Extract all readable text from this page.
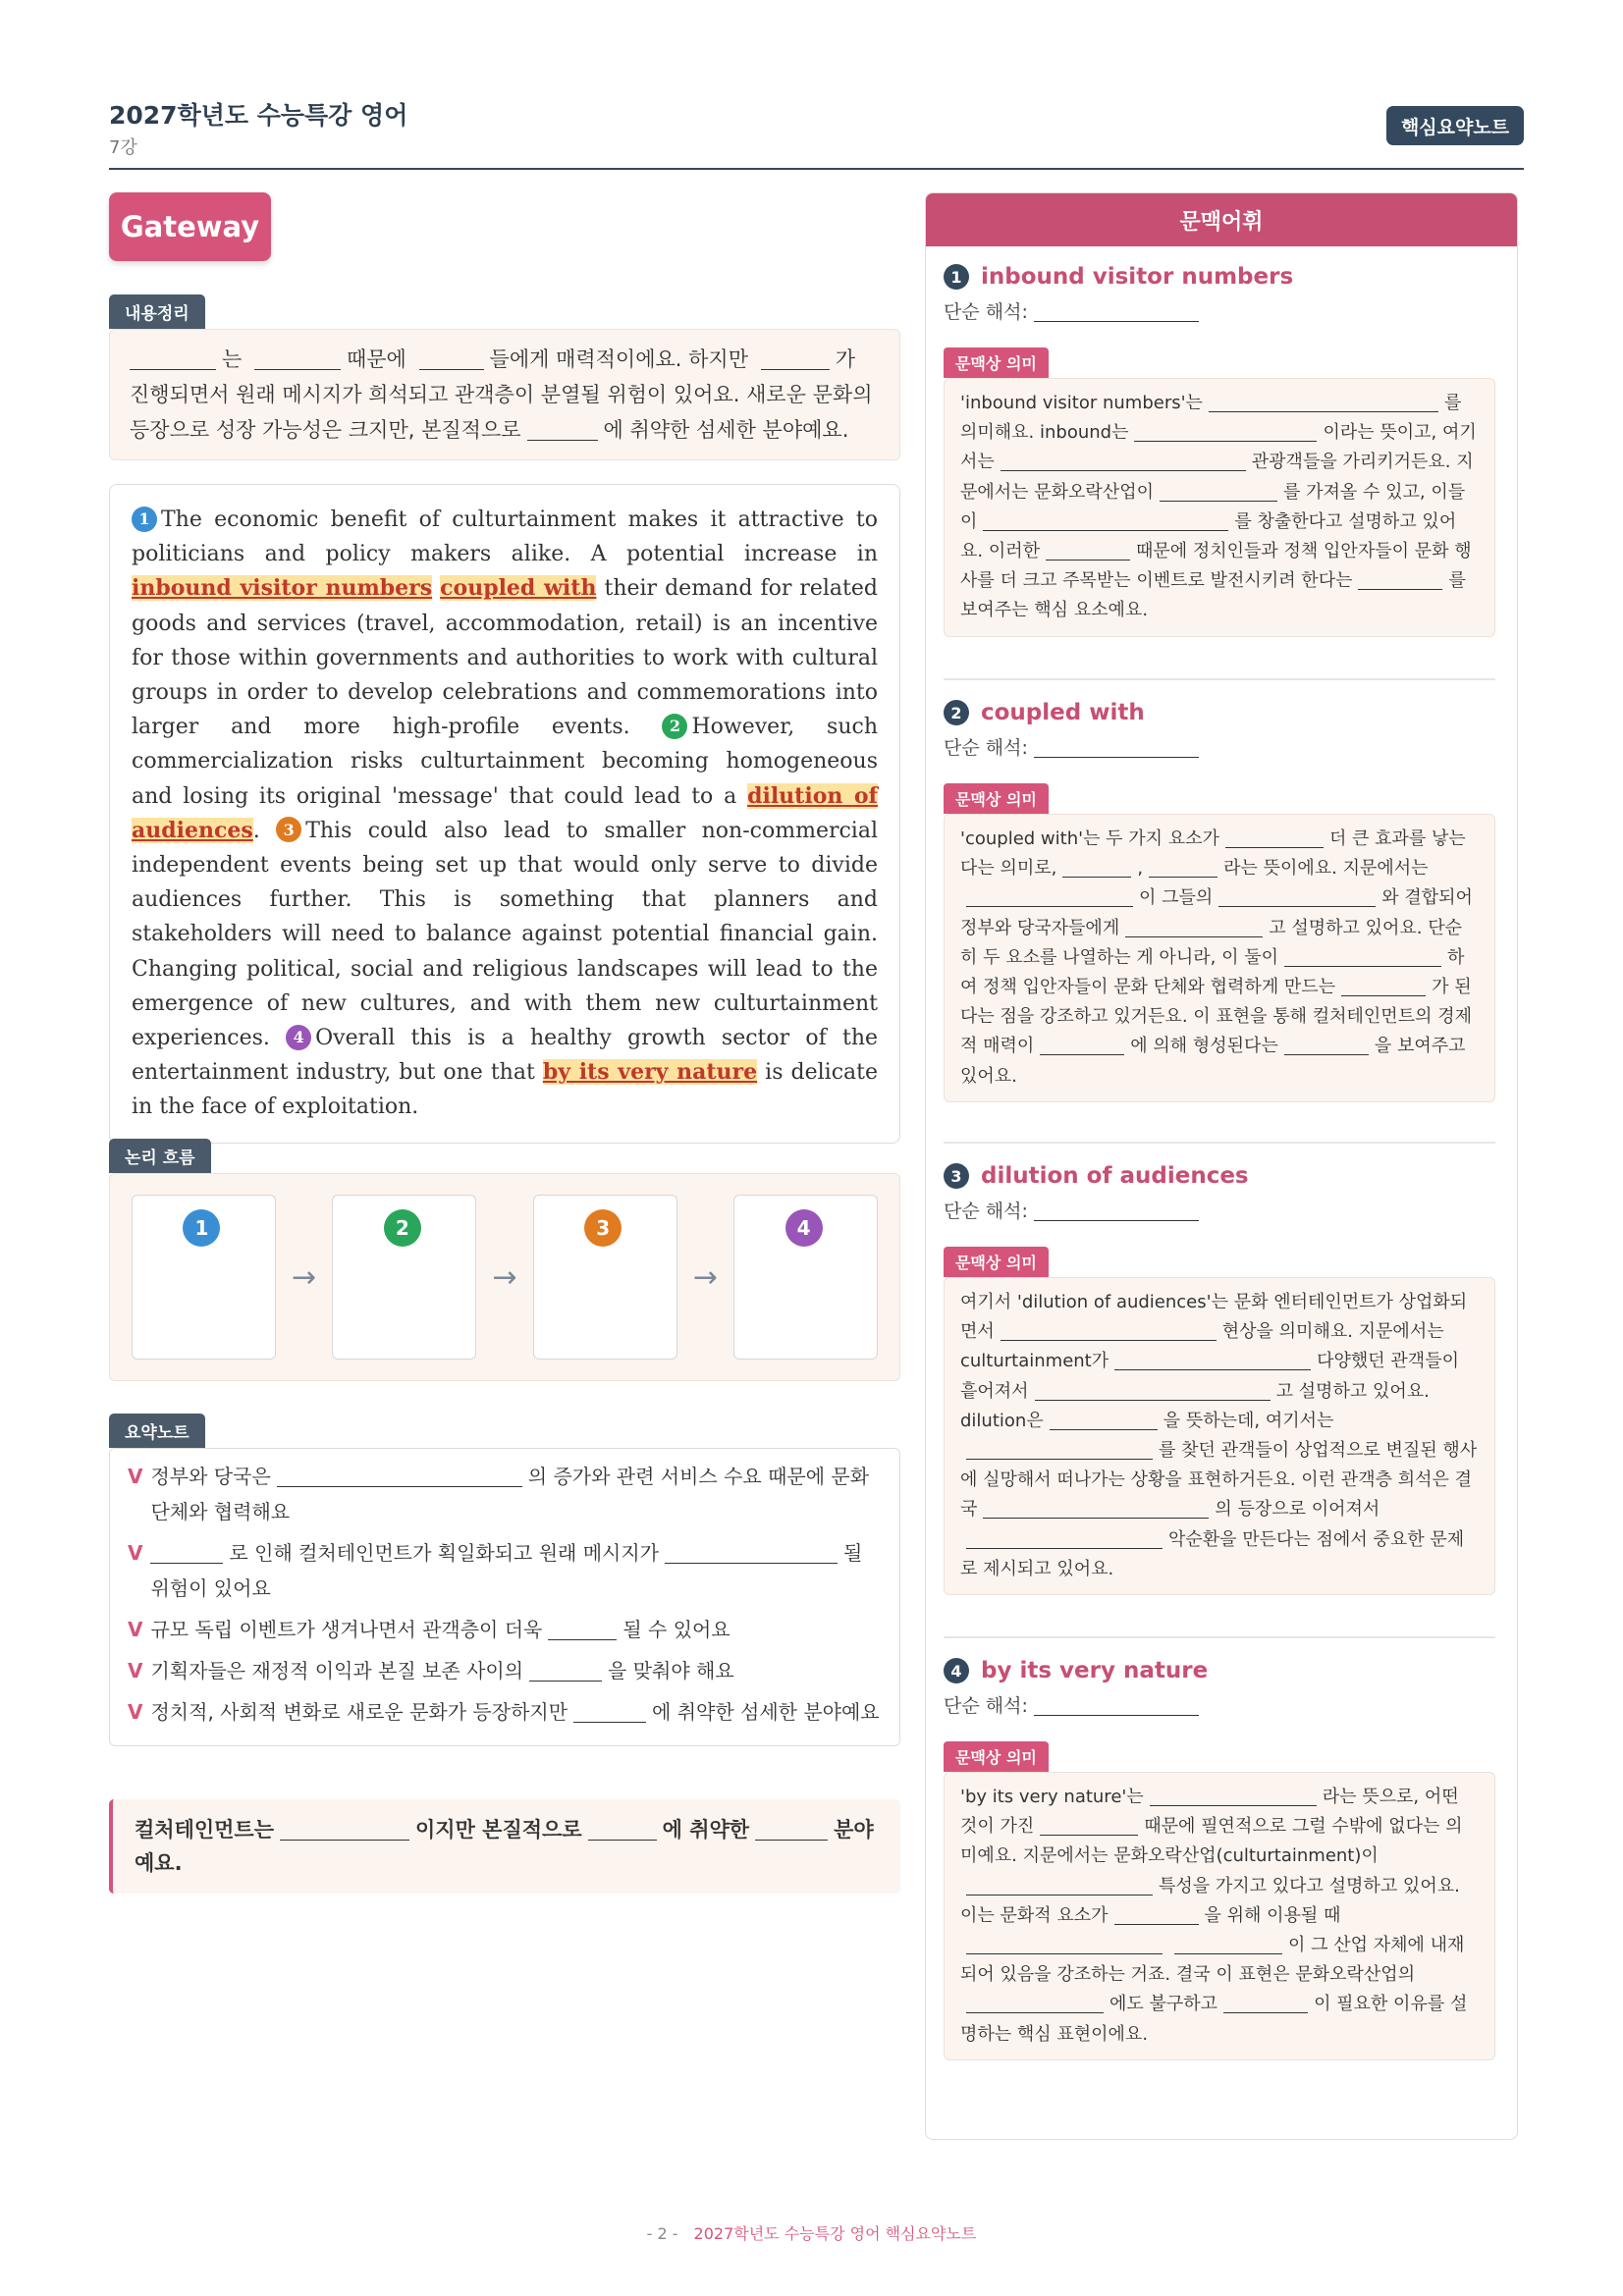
2027학년도 수능특강 영어
7강
핵심요약노트
Gateway
내용정리
는	때문에	들에게 매력적이에요. 하지만	가 진행되면서 원래 메시지가 희석되고 관객층이 분열될 위험이 있어요. 새로운 문화의 등장으로 성장 가능성은 크지만, 본질적으로	에 취약한 섬세한 분야예요.
1 The economic benefit of culturtainment makes it attractive to politicians and policy makers alike. A potential increase in inbound visitor numbers coupled with their demand for related goods and services (travel, accommodation, retail) is an incentive for those within governments and authorities to work with cultural groups in order to develop celebrations and commemorations into larger and more high-profile events.	2 However, such commercialization risks culturtainment becoming homogeneous and losing its original 'message' that could lead to a dilution of audiences. 3 This could also lead to smaller non-commercial independent events being set up that would only serve to divide audiences further. This is something that planners and stakeholders will need to balance against potential financial gain. Changing political, social and religious landscapes will lead to the emergence of new cultures, and with them new culturtainment experiences. 4 Overall this is a healthy growth sector of the entertainment industry, but one that by its very nature is delicate in the face of exploitation.
논리 흐름
1
→
2
→
3
→
4
요약노트
V 정부와 당국은	의 증가와 관련 서비스 수요 때문에 문화단체와 협력해요
V	로 인해 컬처테인먼트가 획일화되고 원래 메시지가	될 위험이 있어요
V 규모 독립 이벤트가 생겨나면서 관객층이 더욱	될 수 있어요
V 기획자들은 재정적 이익과 본질 보존 사이의	을 맞춰야 해요
V 정치적, 사회적 변화로 새로운 문화가 등장하지만	에 취약한 섬세한 분야예요
컬처테인먼트는	이지만 본질적으로	에 취약한	분야예요.
문맥어휘
1 inbound visitor numbers
단순 해석:
문맥상 의미
'inbound visitor numbers'는	를 의미해요. inbound는	이라는 뜻이고, 여기서는	관광객들을 가리키거든요. 지문에서는 문화오락산업이	를 가져올 수 있고, 이들이	를 창출한다고 설명하고 있어요. 이러한	때문에 정치인들과 정책 입안자들이 문화 행사를 더 크고 주목받는 이벤트로 발전시키려 한다는	를 보여주는 핵심 요소예요.
2 coupled with
단순 해석:
문맥상 의미
'coupled with'는 두 가지 요소가	더 큰 효과를 낳는다는 의미로,	,	라는 뜻이에요. 지문에서는이 그들의	와 결합되어 정부와 당국자들에게	고 설명하고 있어요. 단순히 두 요소를 나열하는 게 아니라, 이 둘이	하여 정책 입안자들이 문화 단체와 협력하게 만드는	가 된다는 점을 강조하고 있거든요. 이 표현을 통해 컬처테인먼트의 경제적 매력이	에 의해 형성된다는	을 보여주고 있어요.
3 dilution of audiences
단순 해석:
문맥상 의미
여기서 'dilution of audiences'는 문화 엔터테인먼트가 상업화되면서	현상을 의미해요. 지문에서는 culturtainment가	다양했던 관객들이 흩어져서	고 설명하고 있어요. dilution은	을 뜻하는데, 여기서는를 찾던 관객들이 상업적으로 변질된 행사에 실망해서 떠나가는 상황을 표현하거든요. 이런 관객층 희석은 결국	의 등장으로 이어져서악순환을 만든다는 점에서 중요한 문제로 제시되고 있어요.
4 by its very nature
단순 해석:
문맥상 의미
'by its very nature'는	라는 뜻으로, 어떤 것이 가진	때문에 필연적으로 그럴 수밖에 없다는 의미예요. 지문에서는 문화오락산업(culturtainment)이특성을 가지고 있다고 설명하고 있어요. 이는 문화적 요소가	을 위해 이용될 때이 그 산업 자체에 내재되어 있음을 강조하는 거죠. 결국 이 표현은 문화오락산업의에도 불구하고	이 필요한 이유를 설명하는 핵심 표현이에요.
- 2 - 2027학년도 수능특강 영어 핵심요약노트
